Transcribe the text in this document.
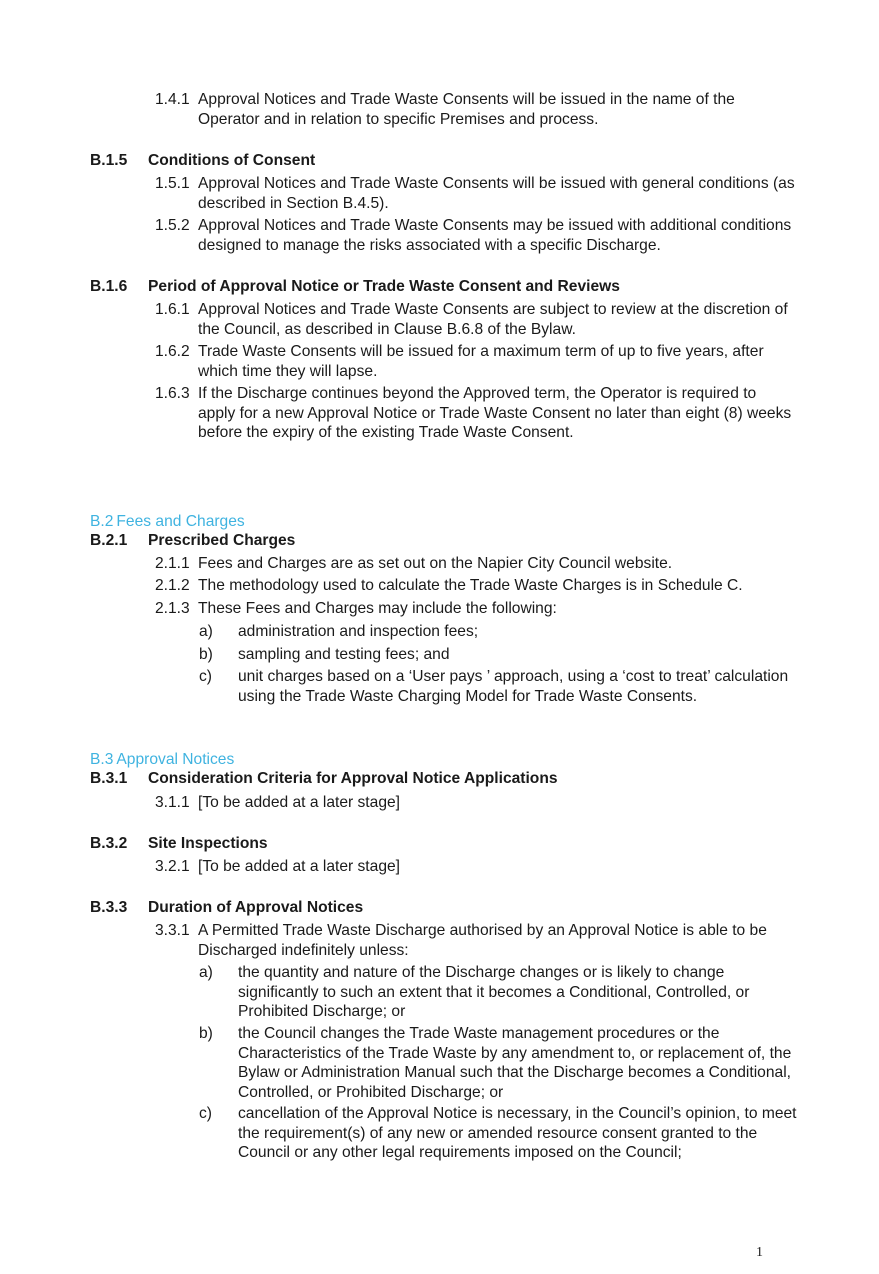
1.4.1 Approval Notices and Trade Waste Consents will be issued in the name of the Operator and in relation to specific Premises and process.
B.1.5 Conditions of Consent
1.5.1 Approval Notices and Trade Waste Consents will be issued with general conditions (as described in Section B.4.5).
1.5.2 Approval Notices and Trade Waste Consents may be issued with additional conditions designed to manage the risks associated with a specific Discharge.
B.1.6 Period of Approval Notice or Trade Waste Consent and Reviews
1.6.1 Approval Notices and Trade Waste Consents are subject to review at the discretion of the Council, as described in Clause B.6.8 of the Bylaw.
1.6.2 Trade Waste Consents will be issued for a maximum term of up to five years, after which time they will lapse.
1.6.3 If the Discharge continues beyond the Approved term, the Operator is required to apply for a new Approval Notice or Trade Waste Consent no later than eight (8) weeks before the expiry of the existing Trade Waste Consent.
B.2 Fees and Charges
B.2.1 Prescribed Charges
2.1.1 Fees and Charges are as set out on the Napier City Council website.
2.1.2 The methodology used to calculate the Trade Waste Charges is in Schedule C.
2.1.3 These Fees and Charges may include the following:
a) administration and inspection fees;
b) sampling and testing fees; and
c) unit charges based on a ‘User pays ’ approach, using a ‘cost to treat’ calculation using the Trade Waste Charging Model for Trade Waste Consents.
B.3 Approval Notices
B.3.1 Consideration Criteria for Approval Notice Applications
3.1.1 [To be added at a later stage]
B.3.2 Site Inspections
3.2.1 [To be added at a later stage]
B.3.3 Duration of Approval Notices
3.3.1 A Permitted Trade Waste Discharge authorised by an Approval Notice is able to be Discharged indefinitely unless:
a) the quantity and nature of the Discharge changes or is likely to change significantly to such an extent that it becomes a Conditional, Controlled, or Prohibited Discharge; or
b) the Council changes the Trade Waste management procedures or the Characteristics of the Trade Waste by any amendment to, or replacement of, the Bylaw or Administration Manual such that the Discharge becomes a Conditional, Controlled, or Prohibited Discharge; or
c) cancellation of the Approval Notice is necessary, in the Council’s opinion, to meet the requirement(s) of any new or amended resource consent granted to the Council or any other legal requirements imposed on the Council;
1
